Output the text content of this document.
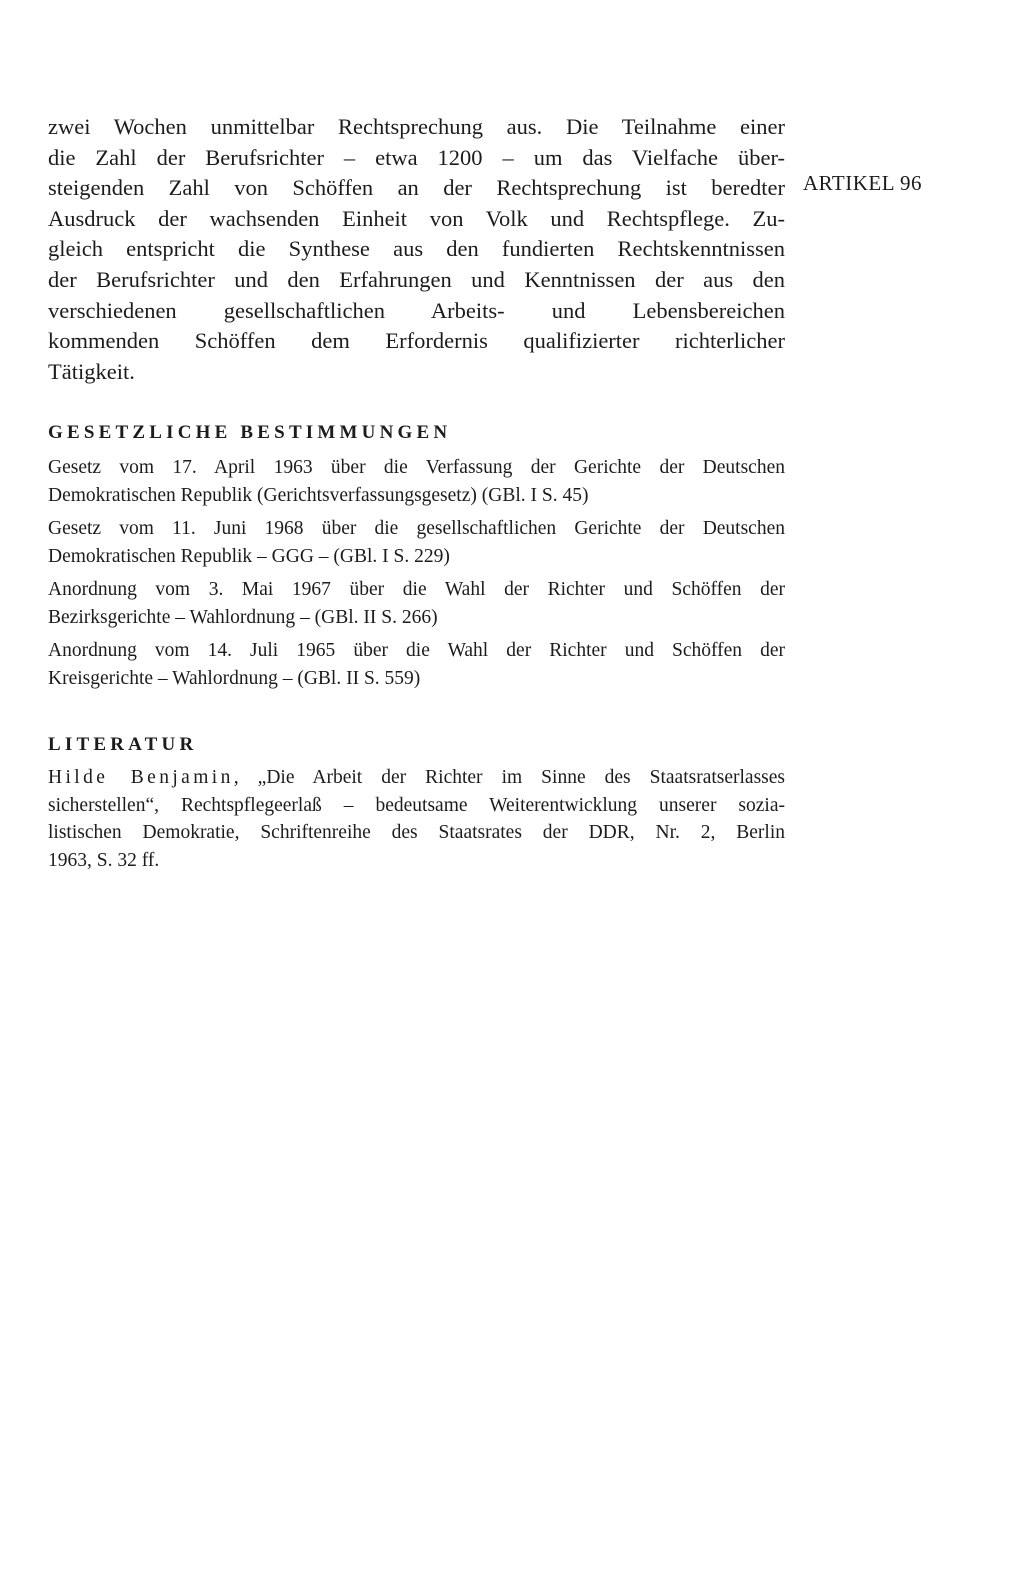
zwei Wochen unmittelbar Rechtsprechung aus. Die Teilnahme einer
die Zahl der Berufsrichter – etwa 1200 – um das Vielfache über-
steigenden Zahl von Schöffen an der Rechtsprechung ist beredter
Ausdruck der wachsenden Einheit von Volk und Rechtspflege. Zu-
gleich entspricht die Synthese aus den fundierten Rechtskenntnissen
der Berufsrichter und den Erfahrungen und Kenntnissen der aus den
verschiedenen gesellschaftlichen Arbeits- und Lebensbereichen
kommenden Schöffen dem Erfordernis qualifizierter richterlicher
Tätigkeit.

ARTIKEL 96
GESETZLICHE BESTIMMUNGEN
Gesetz vom 17. April 1963 über die Verfassung der Gerichte der Deutschen
Demokratischen Republik (Gerichtsverfassungsgesetz) (GBl. I S. 45)
Gesetz vom 11. Juni 1968 über die gesellschaftlichen Gerichte der Deutschen
Demokratischen Republik – GGG – (GBl. I S. 229)
Anordnung vom 3. Mai 1967 über die Wahl der Richter und Schöffen der
Bezirksgerichte – Wahlordnung – (GBl. II S. 266)
Anordnung vom 14. Juli 1965 über die Wahl der Richter und Schöffen der
Kreisgerichte – Wahlordnung – (GBl. II S. 559)
LITERATUR
Hilde Benjamin, „Die Arbeit der Richter im Sinne des Staatsratserlasses
sicherstellen“, Rechtspflegeerlaß – bedeutsame Weiterentwicklung unserer sozia-
listischen Demokratie, Schriftenreihe des Staatsrates der DDR, Nr. 2, Berlin
1963, S. 32 ff.
